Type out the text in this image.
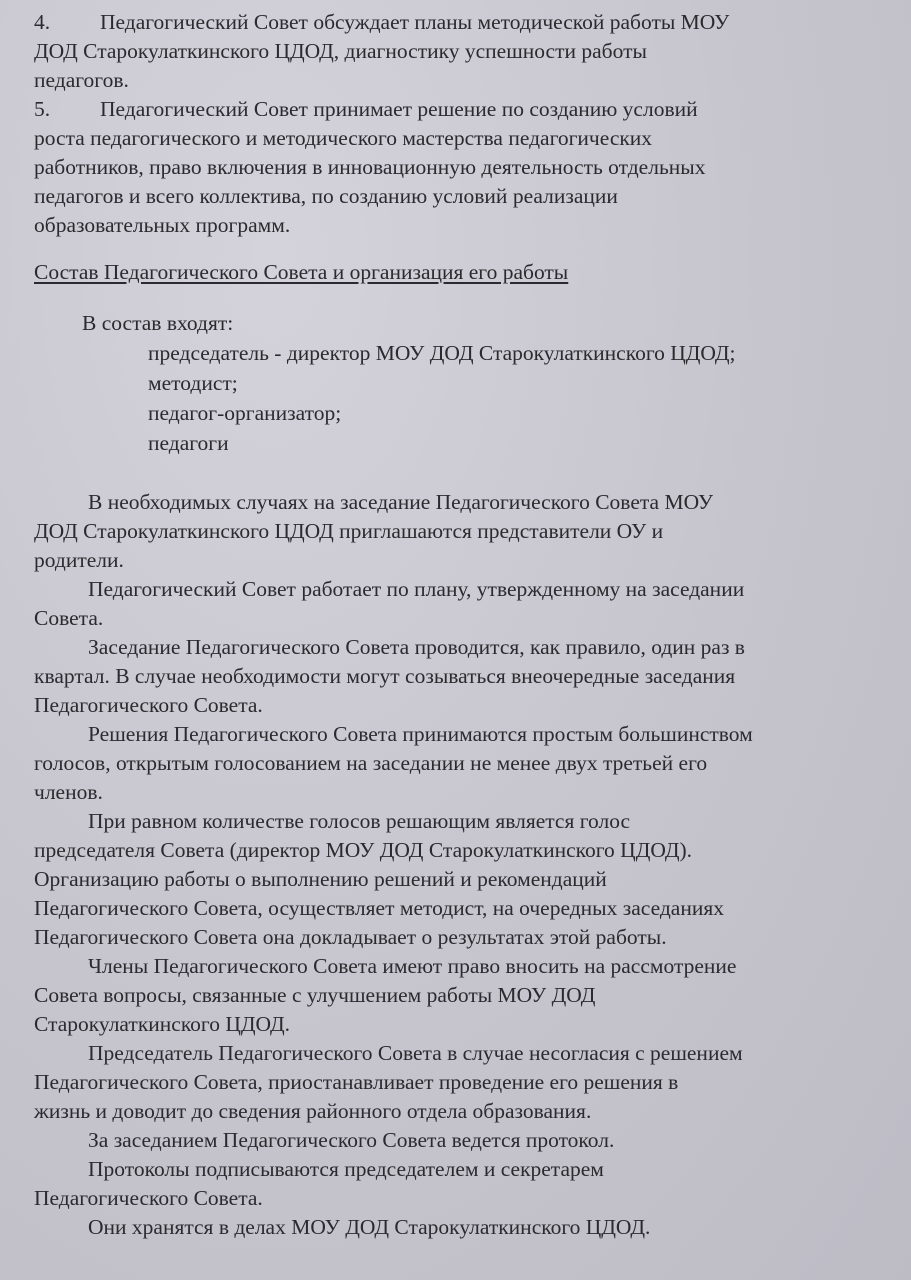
4. Педагогический Совет обсуждает планы методической работы МОУ
ДОД Старокулаткинского ЦДОД, диагностику успешности работы
педагогов.
5. Педагогический Совет принимает решение по созданию условий
роста педагогического и методического мастерства педагогических
работников, право включения в инновационную деятельность отдельных
педагогов и всего коллектива, по созданию условий реализации
образовательных программ.
Состав Педагогического Совета и организация его работы
В состав входят:
председатель - директор МОУ ДОД Старокулаткинского ЦДОД;
методист;
педагог-организатор;
педагоги
В необходимых случаях на заседание Педагогического Совета МОУ
ДОД Старокулаткинского ЦДОД приглашаются представители ОУ и
родители.
Педагогический Совет работает по плану, утвержденному на заседании
Совета.
Заседание Педагогического Совета проводится, как правило, один раз в
квартал. В случае необходимости могут созываться внеочередные заседания
Педагогического Совета.
Решения Педагогического Совета принимаются простым большинством
голосов, открытым голосованием на заседании не менее двух третьей его
членов.
При равном количестве голосов решающим является голос
председателя Совета (директор МОУ ДОД Старокулаткинского ЦДОД).
Организацию работы о выполнению решений и рекомендаций
Педагогического Совета, осуществляет методист, на очередных заседаниях
Педагогического Совета она докладывает о результатах этой работы.
Члены Педагогического Совета имеют право вносить на рассмотрение
Совета вопросы, связанные с улучшением работы МОУ ДОД
Старокулаткинского ЦДОД.
Председатель Педагогического Совета в случае несогласия с решением
Педагогического Совета, приостанавливает проведение его решения в
жизнь и доводит до сведения районного отдела образования.
За заседанием Педагогического Совета ведется протокол.
Протоколы подписываются председателем и секретарем
Педагогического Совета.
Они хранятся в делах МОУ ДОД Старокулаткинского ЦДОД.
